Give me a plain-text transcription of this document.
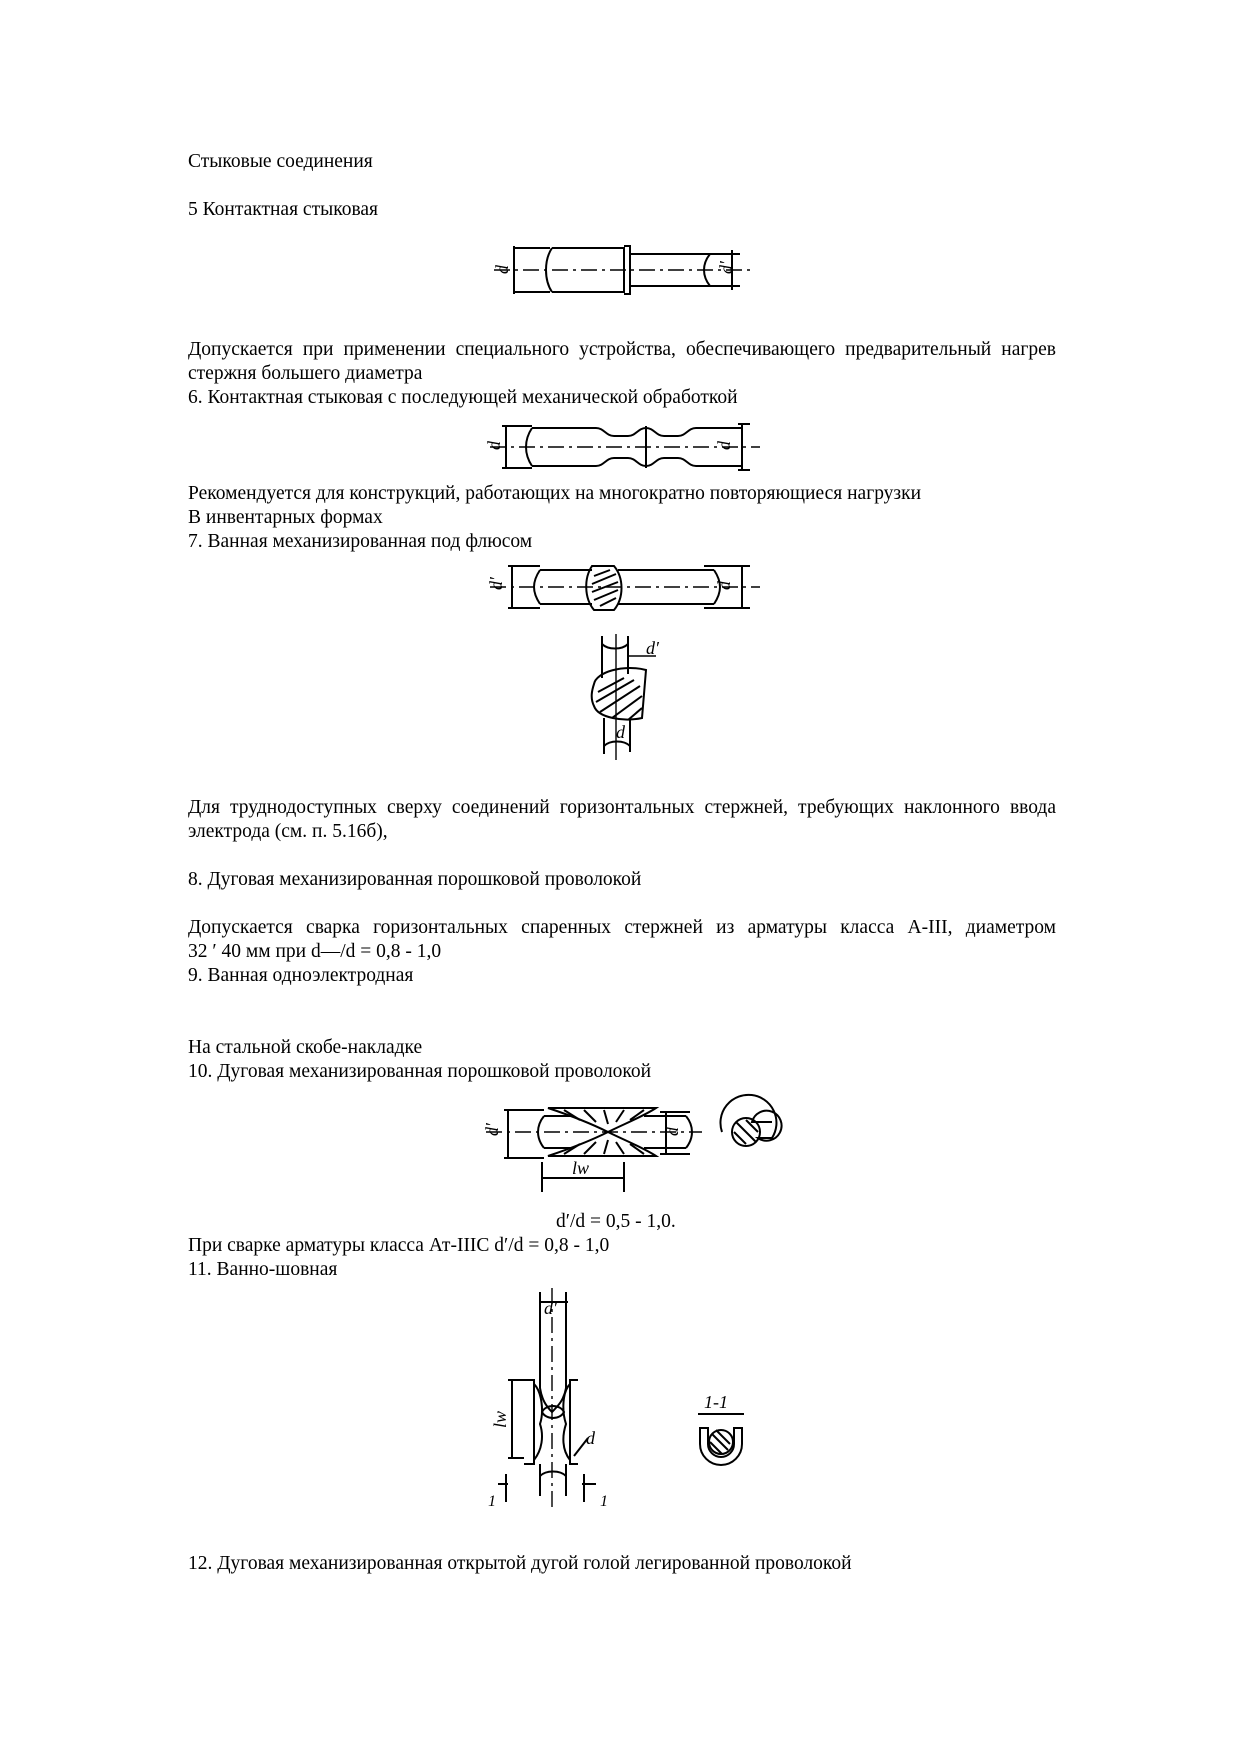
Стыковые соединения

5 Контактная стыковая

d	d′

Допускается при применении специального устройства, обеспечивающего предварительный нагрев стержня большего диаметра

6. Контактная стыковая с последующей механической обработкой

d	d

Рекомендуется для конструкций, работающих на многократно повторяющиеся нагрузки

В инвентарных формах

7. Ванная механизированная под флюсом

d′	d
d′
d

Для труднодоступных сверху соединений горизонтальных стержней, требующих наклонного ввода электрода (см. п. 5.16б),

8. Дуговая механизированная порошковой проволокой

Допускается сварка горизонтальных спаренных стержней из арматуры класса А-III, диаметром

32 ′ 40 мм при d—/d = 0,8 - 1,0

9. Ванная одноэлектродная

На стальной скобе-накладке

10. Дуговая механизированная порошковой проволокой

d′	d
lw

d′/d = 0,5 - 1,0.

При сварке арматуры класса Ат-IIIС d′/d = 0,8 - 1,0

11. Ванно-шовная

d′
lw
d
1	1
1-1

12. Дуговая механизированная открытой дугой голой легированной проволокой
